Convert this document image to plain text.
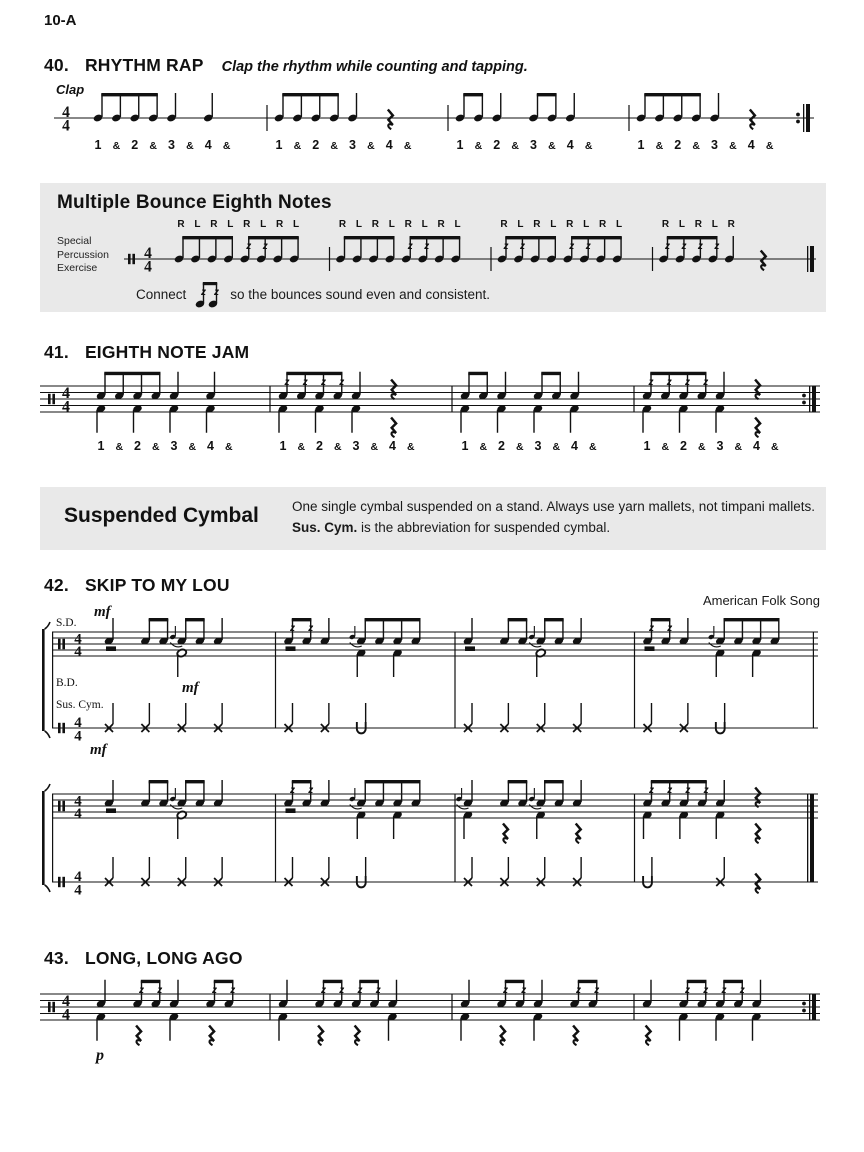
10-A
40. RHYTHM RAP Clap the rhythm while counting and tapping.
Clap
4
4
1 & 2 & 3 & 4 &	1 & 2 & 3 & 4 &	1 & 2 & 3 & 4 &	1 & 2 & 3 & 4 &
Multiple Bounce Eighth Notes
Special
Percussion
Exercise
4
4
z z	z z	z z	z z	z z z z
R L R L R L R L	R L R L R L R L	R L R L R L R L	R L R L R
Connect z z so the bounces sound even and consistent.
41. EIGHTH NOTE JAM
4
4
z z z z	z z z z
1 & 2 & 3 & 4 &	1 & 2 & 3 & 4 &	1 & 2 & 3 & 4 &	1 & 2 & 3 & 4 &
Suspended Cymbal One single cymbal suspended on a stand. Always use yarn mallets, not timpani mallets. Sus. Cym. is the abbreviation for suspended cymbal.
42. SKIP TO MY LOU
American Folk Song
4
4
4
4
z z	z z
S.D.
B.D.
Sus. Cym.
mf
mf
mf
4
4
4
4
z z	z z z z
43. LONG, LONG AGO
4
4
z z	z z	z z z z	z z	z z	z z z z
p
